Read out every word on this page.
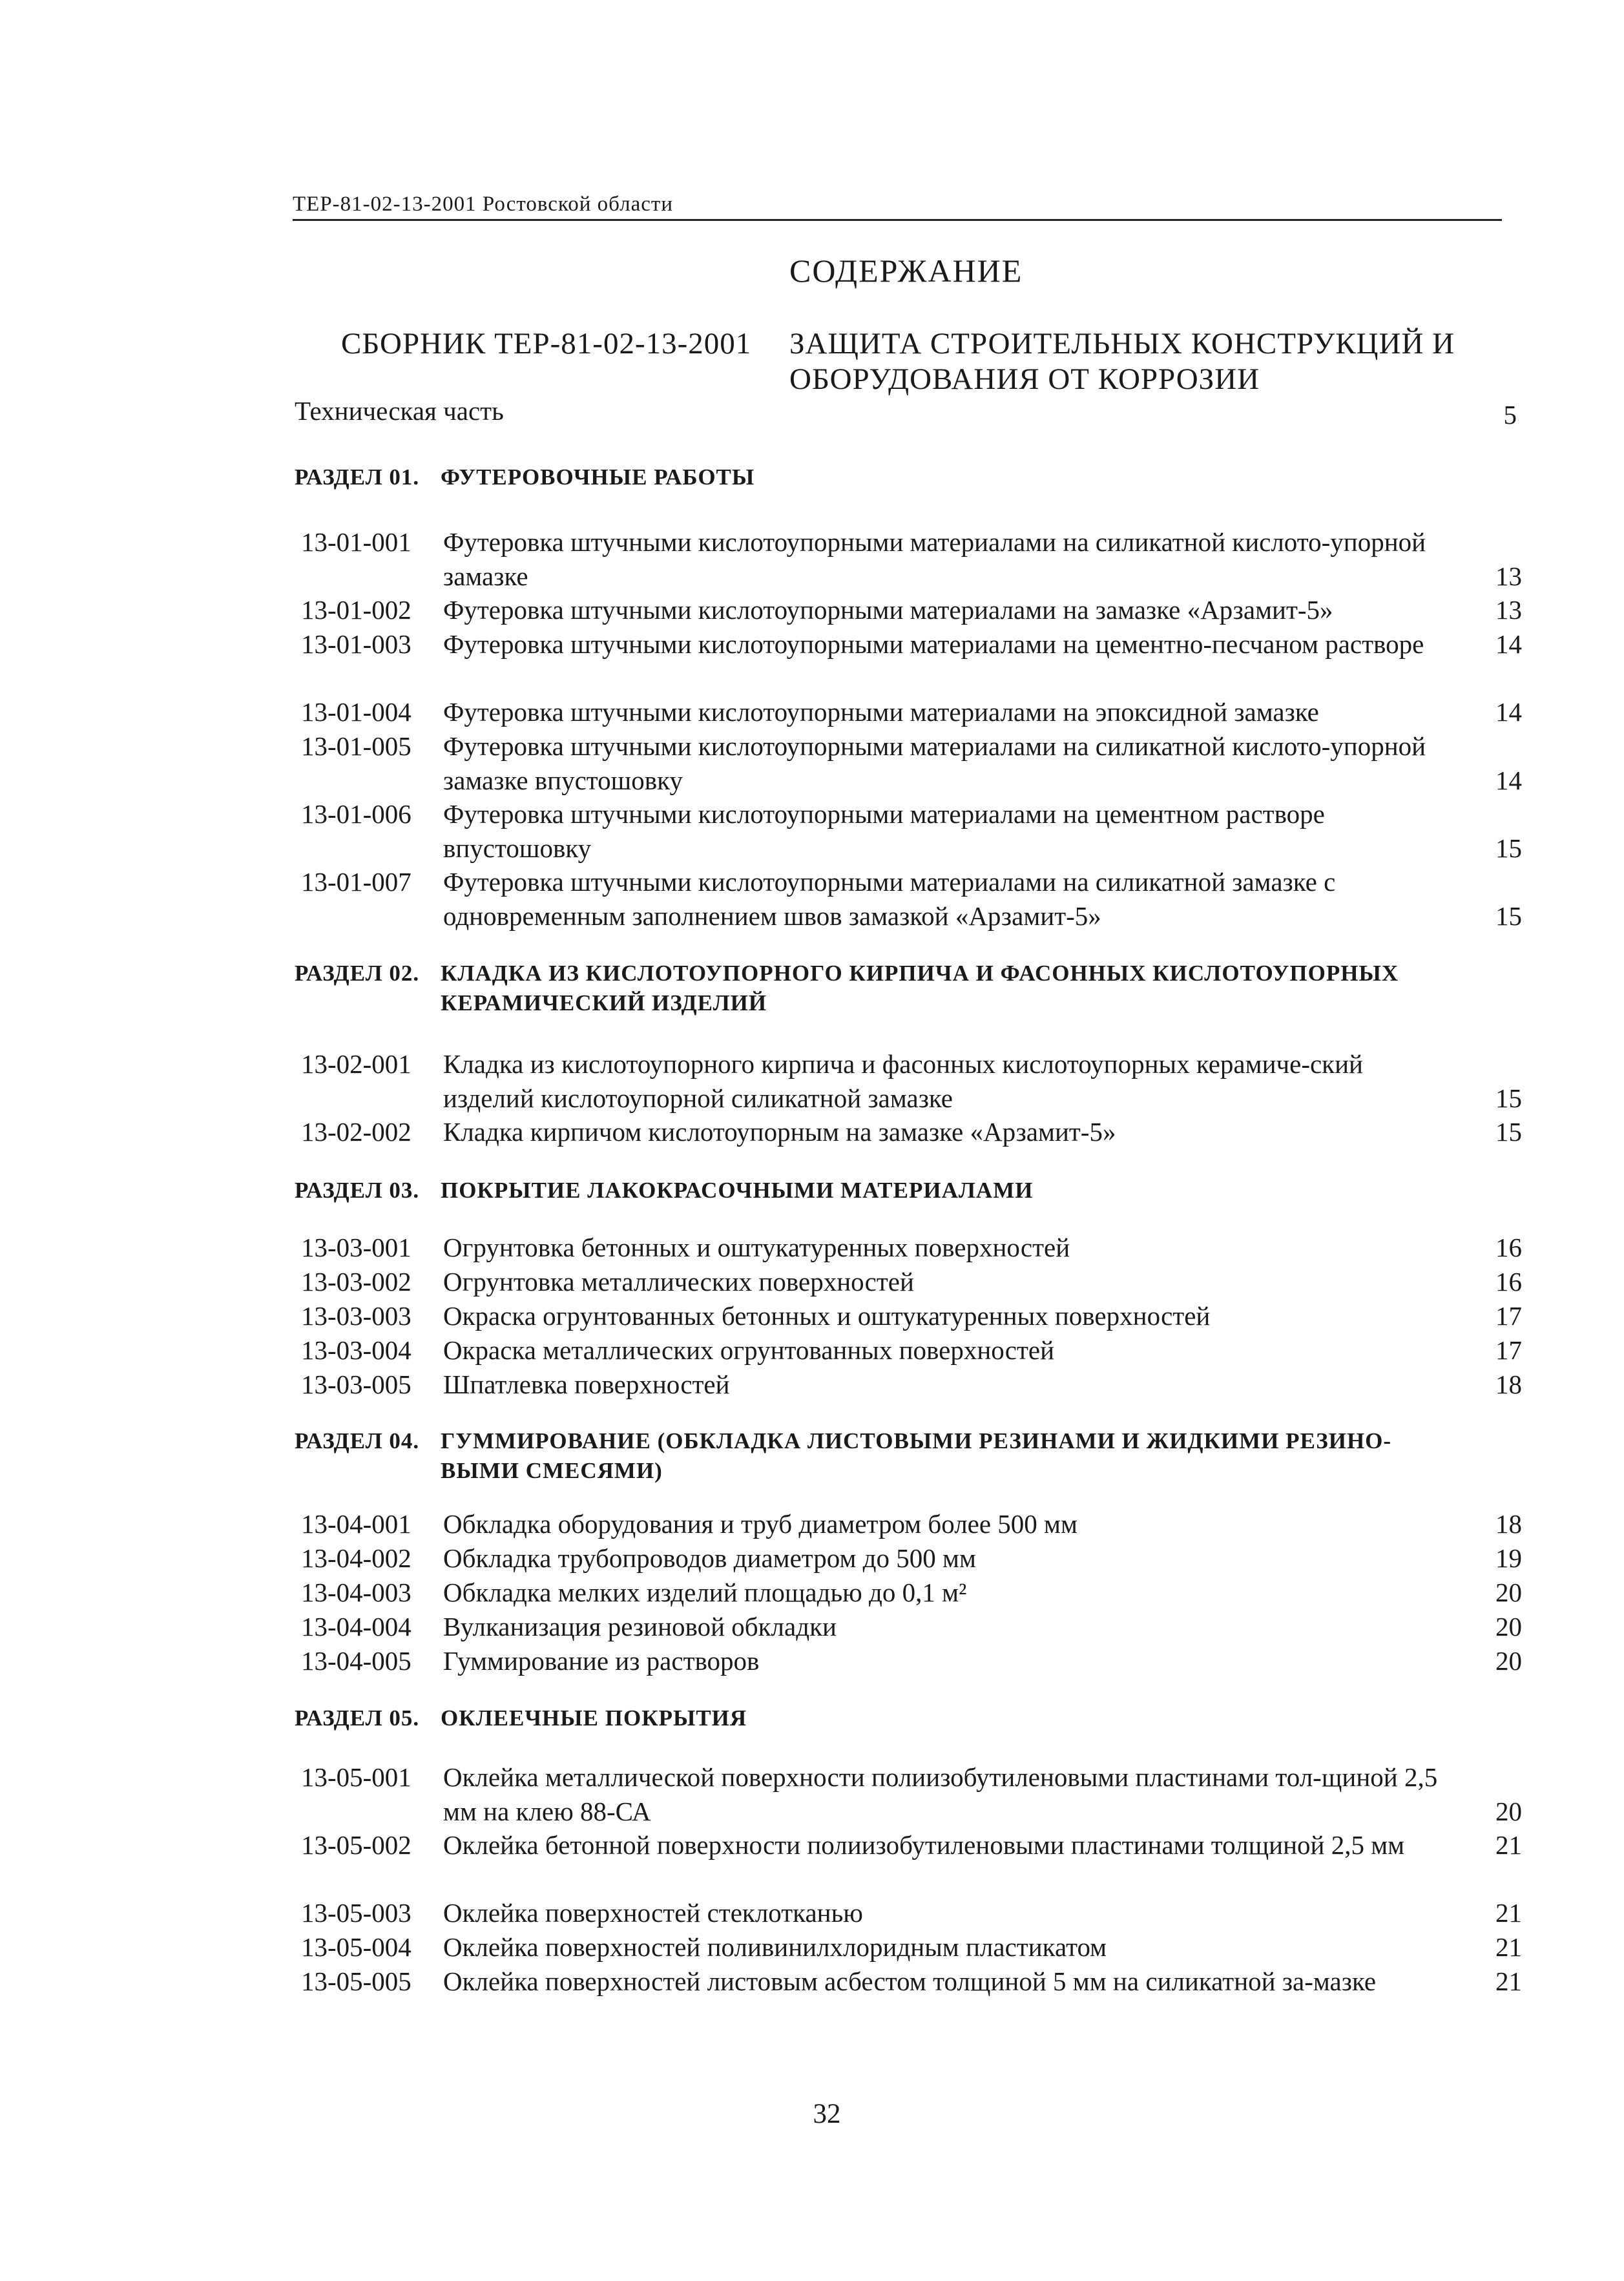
ТЕР-81-02-13-2001 Ростовской области
СОДЕРЖАНИЕ
СБОРНИК ТЕР-81-02-13-2001 ЗАЩИТА СТРОИТЕЛЬНЫХ КОНСТРУКЦИЙ И ОБОРУДОВАНИЯ ОТ КОРРОЗИИ
Техническая часть	5
РАЗДЕЛ 01. ФУТЕРОВОЧНЫЕ РАБОТЫ
13-01-001 Футеровка штучными кислотоупорными материалами на силикатной кислото-упорной замазке	13
13-01-002 Футеровка штучными кислотоупорными материалами на замазке «Арзамит-5»	13
13-01-003 Футеровка штучными кислотоупорными материалами на цементно-песчаном растворе	14
13-01-004 Футеровка штучными кислотоупорными материалами на эпоксидной замазке	14
13-01-005 Футеровка штучными кислотоупорными материалами на силикатной кислото-упорной замазке впустошовку	14
13-01-006 Футеровка штучными кислотоупорными материалами на цементном растворе впустошовку	15
13-01-007 Футеровка штучными кислотоупорными материалами на силикатной замазке с одновременным заполнением швов замазкой «Арзамит-5»	15
РАЗДЕЛ 02. КЛАДКА ИЗ КИСЛОТОУПОРНОГО КИРПИЧА И ФАСОННЫХ КИСЛОТОУПОРНЫХ КЕРАМИЧЕСКИЙ ИЗДЕЛИЙ
13-02-001 Кладка из кислотоупорного кирпича и фасонных кислотоупорных керамиче-ский изделий кислотоупорной силикатной замазке	15
13-02-002 Кладка кирпичом кислотоупорным на замазке «Арзамит-5»	15
РАЗДЕЛ 03. ПОКРЫТИЕ ЛАКОКРАСОЧНЫМИ МАТЕРИАЛАМИ
13-03-001 Огрунтовка бетонных и оштукатуренных поверхностей	16
13-03-002 Огрунтовка металлических поверхностей	16
13-03-003 Окраска огрунтованных бетонных и оштукатуренных поверхностей	17
13-03-004 Окраска металлических огрунтованных поверхностей	17
13-03-005 Шпатлевка поверхностей	18
РАЗДЕЛ 04. ГУММИРОВАНИЕ (ОБКЛАДКА ЛИСТОВЫМИ РЕЗИНАМИ И ЖИДКИМИ РЕЗИНО-ВЫМИ СМЕСЯМИ)
13-04-001 Обкладка оборудования и труб диаметром более 500 мм	18
13-04-002 Обкладка трубопроводов диаметром до 500 мм	19
13-04-003 Обкладка мелких изделий площадью до 0,1 м²	20
13-04-004 Вулканизация резиновой обкладки	20
13-04-005 Гуммирование из растворов	20
РАЗДЕЛ 05. ОКЛЕЕЧНЫЕ ПОКРЫТИЯ
13-05-001 Оклейка металлической поверхности полиизобутиленовыми пластинами тол-щиной 2,5 мм на клею 88-СА	20
13-05-002 Оклейка бетонной поверхности полиизобутиленовыми пластинами толщиной 2,5 мм	21
13-05-003 Оклейка поверхностей стеклотканью	21
13-05-004 Оклейка поверхностей поливинилхлоридным пластикатом	21
13-05-005 Оклейка поверхностей листовым асбестом толщиной 5 мм на силикатной за-мазке	21
32
